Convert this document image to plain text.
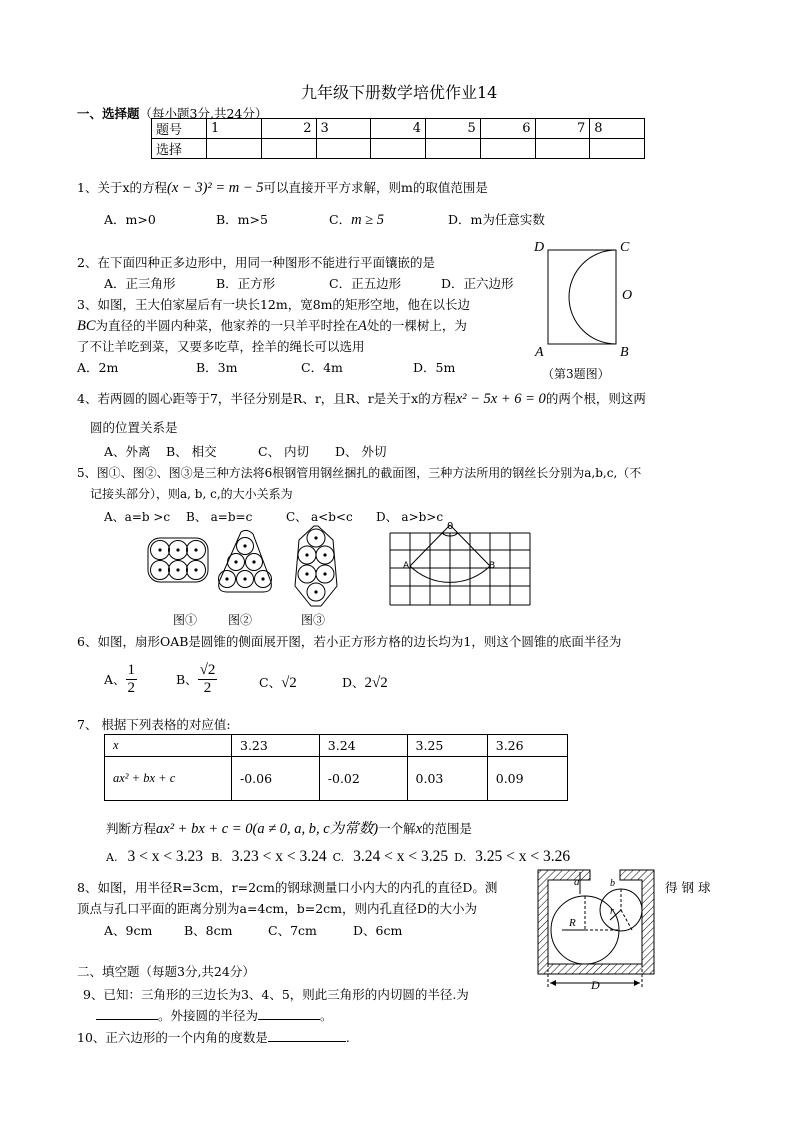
九年级下册数学培优作业14
一、选择题（每小题3分,共24分）
题号	1	2	3	4	5	6	7	8
选择								
1、关于x的方程(x − 3)² = m − 5可以直接开平方求解，则m的取值范围是
A．m>0	B．m>5	C．m ≥ 5	D．m为任意实数
2、在下面四种正多边形中，用同一种图形不能进行平面镶嵌的是
A．正三角形	B．正方形	C．正五边形	D．正六边形
3、如图，王大伯家屋后有一块长12m，宽8m的矩形空地，他在以长边
BC为直径的半圆内种菜，他家养的一只羊平时拴在A处的一棵树上，为
了不让羊吃到菜，又要多吃草，拴羊的绳长可以选用
A．2m	B．3m	C．4m	D．5m
D	C
O
A	B
（第3题图）
4、若两圆的圆心距等于7，半径分别是R、r，且R、r是关于x的方程x² − 5x + 6 = 0的两个根，则这两
圆的位置关系是
A、外离 B、 相交	C、 内切 D、 外切
5、图①、图②、图③是三种方法将6根钢管用钢丝捆扎的截面图，三种方法所用的钢丝长分别为a,b,c,（不
记接头部分），则a, b, c,的大小关系为
A、a=b >c B、 a=b=c	C、 a<b<c D、 a>b>c
图①	图②	图③
0
A	B
6、如图，扇形OAB是圆锥的侧面展开图，若小正方形方格的边长均为1，则这个圆锥的底面半径为
A、 $\frac{1}{2}$	B、 $\frac{√2}{2}$	C、√2	D、2√2
7、 根据下列表格的对应值:
x	3.23	3.24	3.25	3.26
ax² + bx + c	-0.06	-0.02	0.03	0.09
判断方程ax² + bx + c = 0(a ≠ 0, a, b, c为常数)一个解x的范围是
A. 3 < x < 3.23 B. 3.23 < x < 3.24 C. 3.24 < x < 3.25 D. 3.25 < x < 3.26
8、如图，用半径R=3cm，r=2cm的钢球测量口小内大的内孔的直径D。测	得 钢 球
顶点与孔口平面的距离分别为a=4cm，b=2cm，则内孔直径D的大小为
A、9cm	B、8cm	C、7cm	D、6cm
a	b
R
r
D
二、填空题（每题3分,共24分）
9、已知：三角形的三边长为3、4、5，则此三角形的内切圆的半径.为
。外接圆的半径为	。
10、正六边形的一个内角的度数是	.
